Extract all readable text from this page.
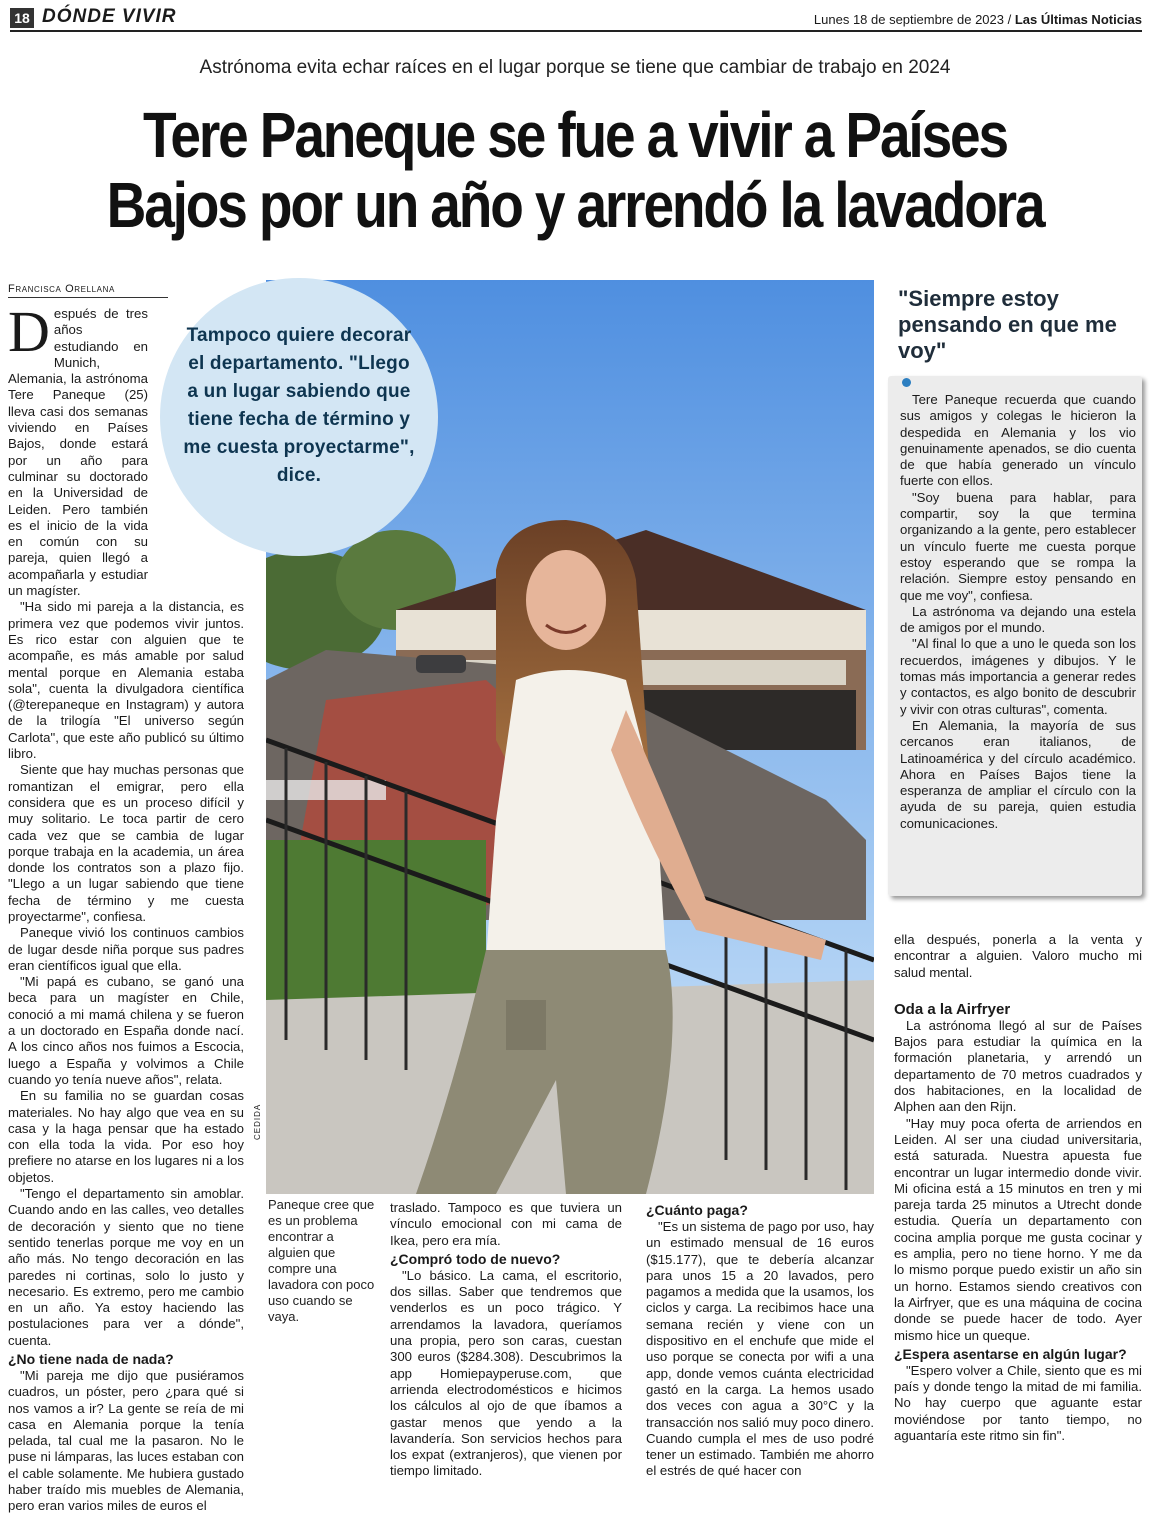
18 DÓNDE VIVIR	Lunes 18 de septiembre de 2023 / Las Últimas Noticias
Astrónoma evita echar raíces en el lugar porque se tiene que cambiar de trabajo en 2024
Tere Paneque se fue a vivir a Países
Bajos por un año y arrendó la lavadora
Francisca Orellana

Después de tres años estudiando en Munich, Alemania, la astrónoma Tere Paneque (25) lleva casi dos semanas viviendo en Países Bajos, donde estará por un año para culminar su doctorado en la Universidad de Leiden. Pero también es el inicio de la vida en común con su pareja, quien llegó a acompañarla y estudiar un magíster.

"Ha sido mi pareja a la distancia, es primera vez que podemos vivir juntos. Es rico estar con alguien que te acompañe, es más amable por salud mental porque en Alemania estaba sola", cuenta la divulgadora científica (@terepaneque en Instagram) y autora de la trilogía "El universo según Carlota", que este año publicó su último libro.

Siente que hay muchas personas que romantizan el emigrar, pero ella considera que es un proceso difícil y muy solitario. Le toca partir de cero cada vez que se cambia de lugar porque trabaja en la academia, un área donde los contratos son a plazo fijo. "Llego a un lugar sabiendo que tiene fecha de término y me cuesta proyectarme", confiesa.

Paneque vivió los continuos cambios de lugar desde niña porque sus padres eran científicos igual que ella.

"Mi papá es cubano, se ganó una beca para un magíster en Chile, conoció a mi mamá chilena y se fueron a un doctorado en España donde nací. A los cinco años nos fuimos a Escocia, luego a España y volvimos a Chile cuando yo tenía nueve años", relata.

En su familia no se guardan cosas materiales. No hay algo que vea en su casa y la haga pensar que ha estado con ella toda la vida. Por eso hoy prefiere no atarse en los lugares ni a los objetos.

"Tengo el departamento sin amoblar. Cuando ando en las calles, veo detalles de decoración y siento que no tiene sentido tenerlas porque me voy en un año más. No tengo decoración en las paredes ni cortinas, solo lo justo y necesario. Es extremo, pero me cambio en un año. Ya estoy haciendo las postulaciones para ver a dónde", cuenta.

¿No tiene nada de nada?

"Mi pareja me dijo que pusiéramos cuadros, un póster, pero ¿para qué si nos vamos a ir? La gente se reía de mi casa en Alemania porque la tenía pelada, tal cual me la pasaron. No le puse ni lámparas, las luces estaban con el cable solamente. Me hubiera gustado haber traído mis muebles de Alemania, pero eran varios miles de euros el

Tampoco quiere decorar el departamento. "Llego a un lugar sabiendo que tiene fecha de término y me cuesta proyectarme", dice.
CEDIDA
Paneque cree que es un problema encontrar a alguien que compre una lavadora con poco uso cuando se vaya.

traslado. Tampoco es que tuviera un vínculo emocional con mi cama de Ikea, pero era mía.

¿Compró todo de nuevo?

"Lo básico. La cama, el escritorio, dos sillas. Saber que tendremos que venderlos es un poco trágico. Y arrendamos la lavadora, queríamos una propia, pero son caras, cuestan 300 euros ($284.308). Descubrimos la app Homiepayperuse.com, que arrienda electrodomésticos e hicimos los cálculos al ojo de que íbamos a gastar menos que yendo a la lavandería. Son servicios hechos para los expat (extranjeros), que vienen por tiempo limitado.

¿Cuánto paga?

"Es un sistema de pago por uso, hay un estimado mensual de 16 euros ($15.177), que te debería alcanzar para unos 15 a 20 lavados, pero pagamos a medida que la usamos, los ciclos y carga. La recibimos hace una semana recién y viene con un dispositivo en el enchufe que mide el uso porque se conecta por wifi a una app, donde vemos cuánta electricidad gastó en la carga. La hemos usado dos veces con agua a 30°C y la transacción nos salió muy poco dinero. Cuando cumpla el mes de uso podré tener un estimado. También me ahorro el estrés de qué hacer con

"Siempre estoy pensando en que me voy"

Tere Paneque recuerda que cuando sus amigos y colegas le hicieron la despedida en Alemania y los vio genuinamente apenados, se dio cuenta de que había generado un vínculo fuerte con ellos.

"Soy buena para hablar, para compartir, soy la que termina organizando a la gente, pero establecer un vínculo fuerte me cuesta porque estoy esperando que se rompa la relación. Siempre estoy pensando en que me voy", confiesa.

La astrónoma va dejando una estela de amigos por el mundo.

"Al final lo que a uno le queda son los recuerdos, imágenes y dibujos. Y le tomas más importancia a generar redes y contactos, es algo bonito de descubrir y vivir con otras culturas", comenta.

En Alemania, la mayoría de sus cercanos eran italianos, de Latinoamérica y del círculo académico. Ahora en Países Bajos tiene la esperanza de ampliar el círculo con la ayuda de su pareja, quien estudia comunicaciones.

ella después, ponerla a la venta y encontrar a alguien. Valoro mucho mi salud mental.

Oda a la Airfryer

La astrónoma llegó al sur de Países Bajos para estudiar la química en la formación planetaria, y arrendó un departamento de 70 metros cuadrados y dos habitaciones, en la localidad de Alphen aan den Rijn.

"Hay muy poca oferta de arriendos en Leiden. Al ser una ciudad universitaria, está saturada. Nuestra apuesta fue encontrar un lugar intermedio donde vivir. Mi oficina está a 15 minutos en tren y mi pareja tarda 25 minutos a Utrecht donde estudia. Quería un departamento con cocina amplia porque me gusta cocinar y es amplia, pero no tiene horno. Y me da lo mismo porque puedo existir un año sin un horno. Estamos siendo creativos con la Airfryer, que es una máquina de cocina donde se puede hacer de todo. Ayer mismo hice un queque.

¿Espera asentarse en algún lugar?

"Espero volver a Chile, siento que es mi país y donde tengo la mitad de mi familia. No hay cuerpo que aguante estar moviéndose por tanto tiempo, no aguantaría este ritmo sin fin".
